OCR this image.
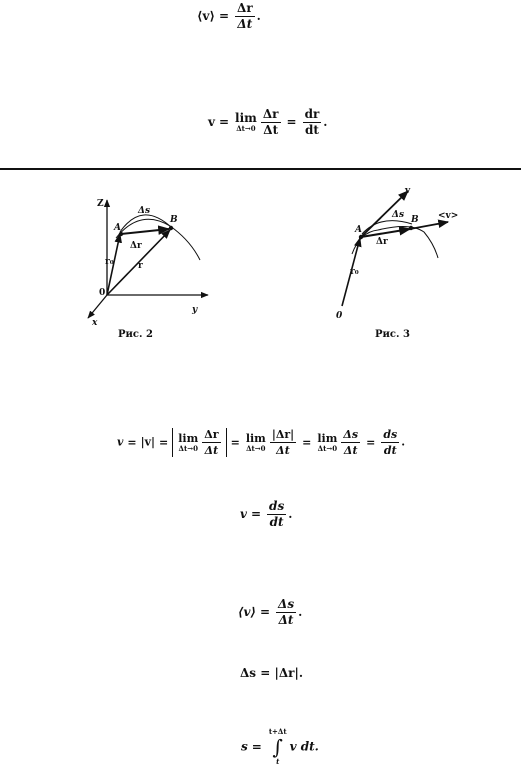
⟨v⟩ = $\frac{\Delta r}{\Delta t}$ .
v = lim
$\Delta t\to 0 \frac{\Delta r}{\Delta t} = \frac{dr}{dt}$ .
Z
y
x
0
A
B
Δs
Δr
r₀	r
Рис. 2
v
<v>
A
B
Δs
Δr
r₀
0
Рис. 3
v = |v| = lim
$\Delta t\to 0 \frac{\Delta r}{\Delta t} = \lim$
$\Delta t\to 0 \frac{|\Delta r|}{\Delta t} = \lim$
$\Delta t\to 0 \frac{\Delta s}{\Delta t} = \frac{ds}{dt}$ .
$v = \frac{ds}{dt}$ .
⟨v⟩ = $\frac{\Delta s}{\Delta t}$ .
Δs = |Δr|.
s =
t+Δt
∫
t
v dt.
